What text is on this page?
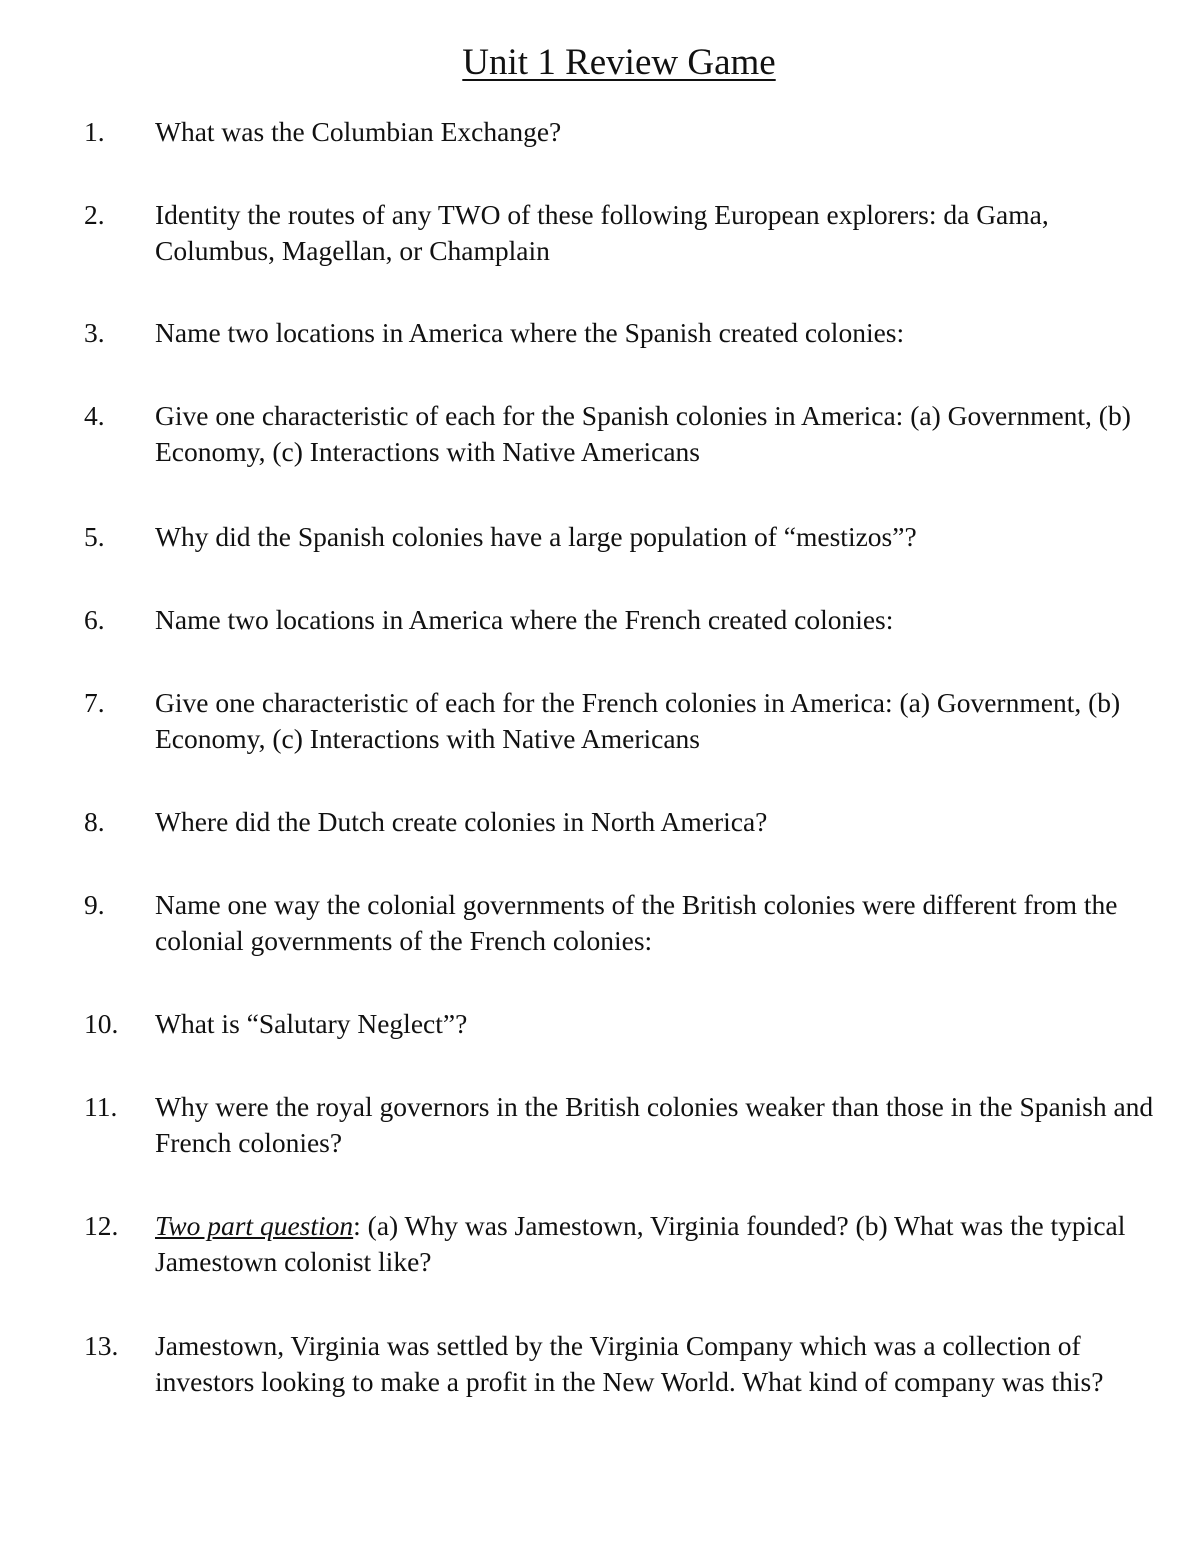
Unit 1 Review Game
1.	What was the Columbian Exchange?
2.	Identity the routes of any TWO of these following European explorers: da Gama, Columbus, Magellan, or Champlain
3.	Name two locations in America where the Spanish created colonies:
4.	Give one characteristic of each for the Spanish colonies in America: (a) Government, (b) Economy, (c) Interactions with Native Americans
5.	Why did the Spanish colonies have a large population of “mestizos”?
6.	Name two locations in America where the French created colonies:
7.	Give one characteristic of each for the French colonies in America: (a) Government, (b) Economy, (c) Interactions with Native Americans
8.	Where did the Dutch create colonies in North America?
9.	Name one way the colonial governments of the British colonies were different from the colonial governments of the French colonies:
10.	What is “Salutary Neglect”?
11.	Why were the royal governors in the British colonies weaker than those in the Spanish and French colonies?
12.	Two part question: (a) Why was Jamestown, Virginia founded? (b) What was the typical Jamestown colonist like?
13.	Jamestown, Virginia was settled by the Virginia Company which was a collection of investors looking to make a profit in the New World. What kind of company was this?
